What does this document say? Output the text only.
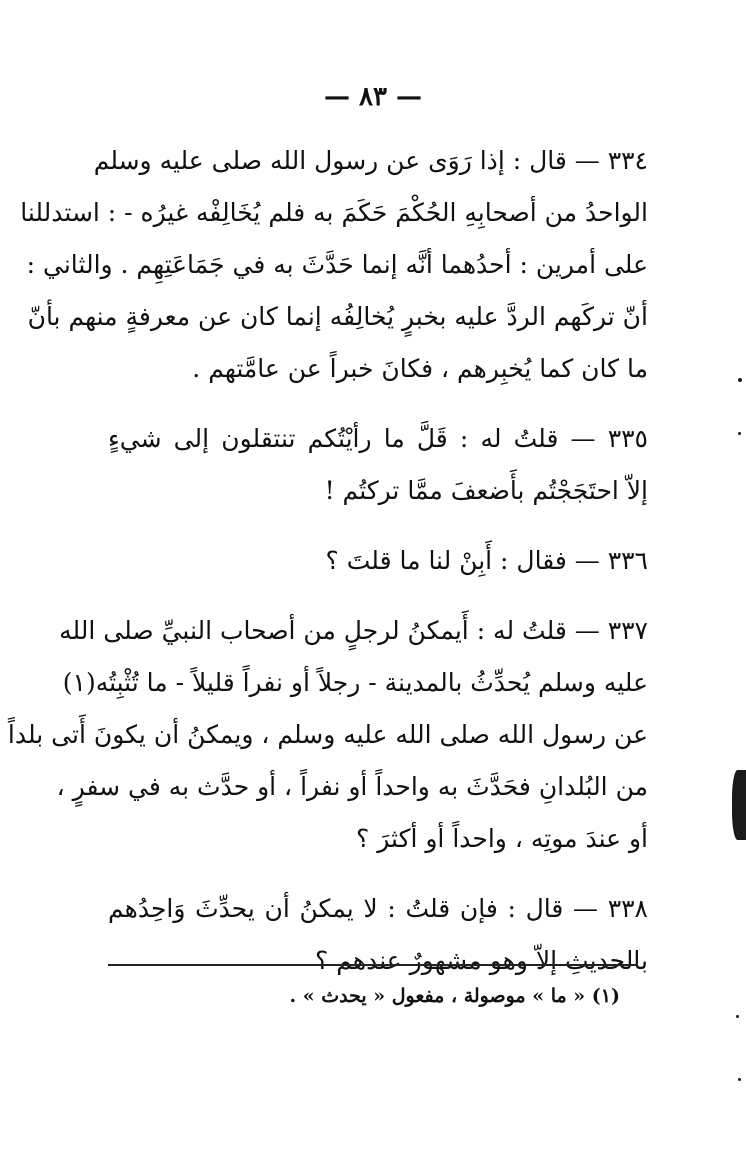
— ٨٣ —
٣٣٤ — قال : إذا رَوَى عن رسول الله صلى عليه وسلم
الواحدُ من أصحابِهِ الحُكْمَ حَكَمَ به فلم يُخَالِفْه غيرُه - : استدللنا
على أمرين : أحدُهما أنَّه إنما حَدَّثَ به في جَمَاعَتِهِم . والثاني :
أنّ تركَهم الردَّ عليه بخبرٍ يُخالِفُه إنما كان عن معرفةٍ منهم بأنّ
ما كان كما يُخبِرهم ، فكانَ خبراً عن عامَّتهم .
٣٣٥ — قلتُ له : قَلَّ ما رأيْتُكم تنتقلون إلى شيءٍ
إلاّ احتَجَجْتُم بأَضعفَ ممَّا تركتُم !
٣٣٦ — فقال : أَبِنْ لنا ما قلتَ ؟
٣٣٧ — قلتُ له : أَيمكنُ لرجلٍ من أصحاب النبيِّ صلى الله
عليه وسلم يُحدِّثُ بالمدينة - رجلاً أو نفراً قليلاً - ما تُثْبِتُه(١)
عن رسول الله صلى الله عليه وسلم ، ويمكنُ أن يكونَ أَتى بلداً
من البُلدانِ فحَدَّثَ به واحداً أو نفراً ، أو حدَّث به في سفرٍ ،
أو عندَ موتِه ، واحداً أو أكثرَ ؟
٣٣٨ — قال : فإن قلتُ : لا يمكنُ أن يحدِّثَ وَاحِدُهم
بالحديثِ إلاّ وهو مشهورٌ عندهم ؟
(١) « ما » موصولة ، مفعول « يحدث » .
